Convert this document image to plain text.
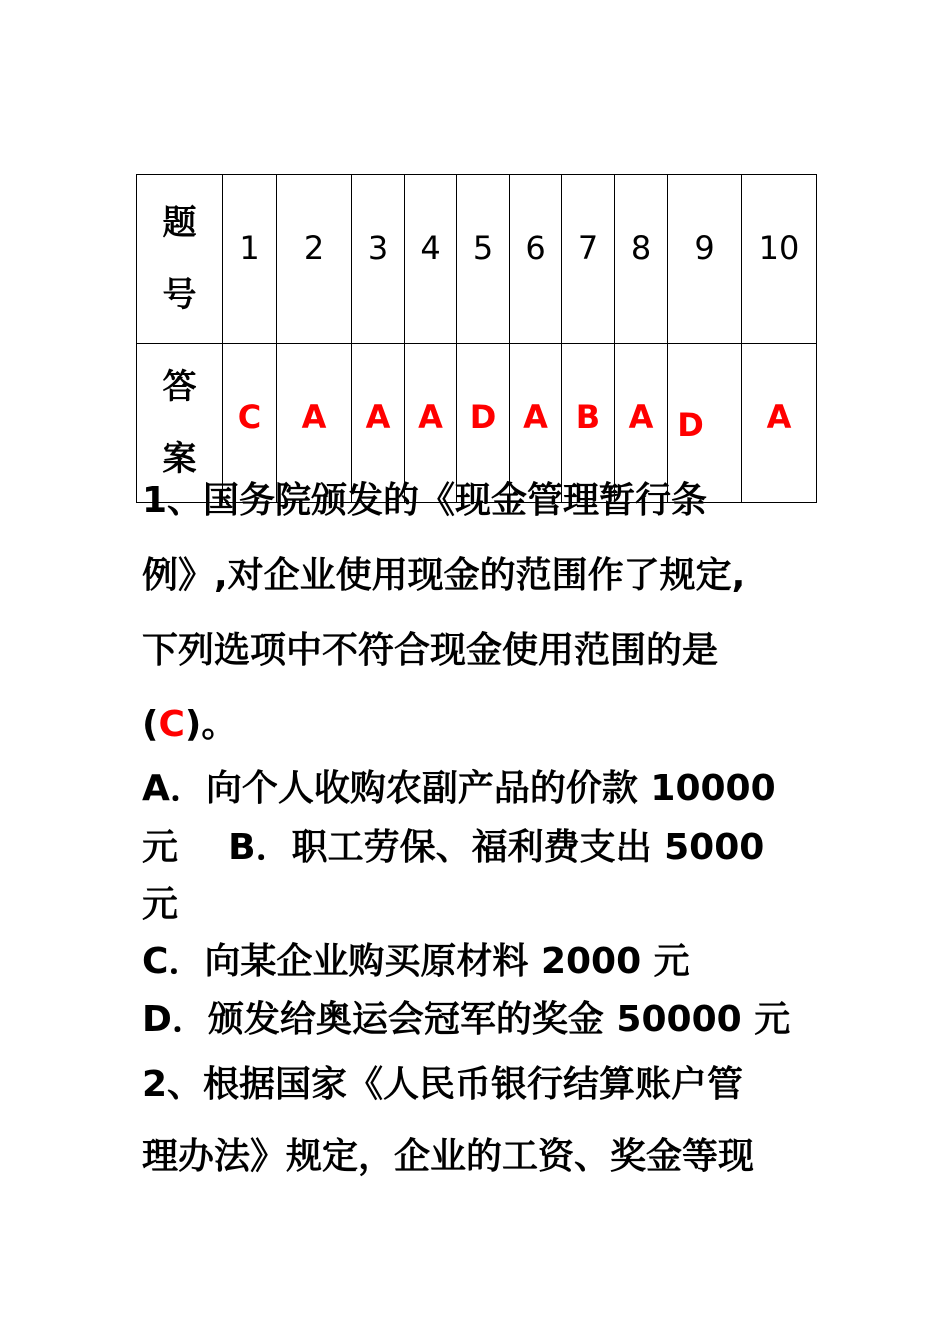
题
号	1	2	3	4	5	6	7	8	9	10

答
案	C	A	A	A	D	A	B	A	D	A
1、国务院颁发的《现金管理暂行条
例》,对企业使用现金的范围作了规定,
下列选项中不符合现金使用范围的是
(C)。
A．向个人收购农副产品的价款 10000
元    B．职工劳保、福利费支出 5000
元
C．向某企业购买原材料 2000 元
D．颁发给奥运会冠军的奖金 50000 元
2、根据国家《人民币银行结算账户管
理办法》规定，企业的工资、奖金等现
